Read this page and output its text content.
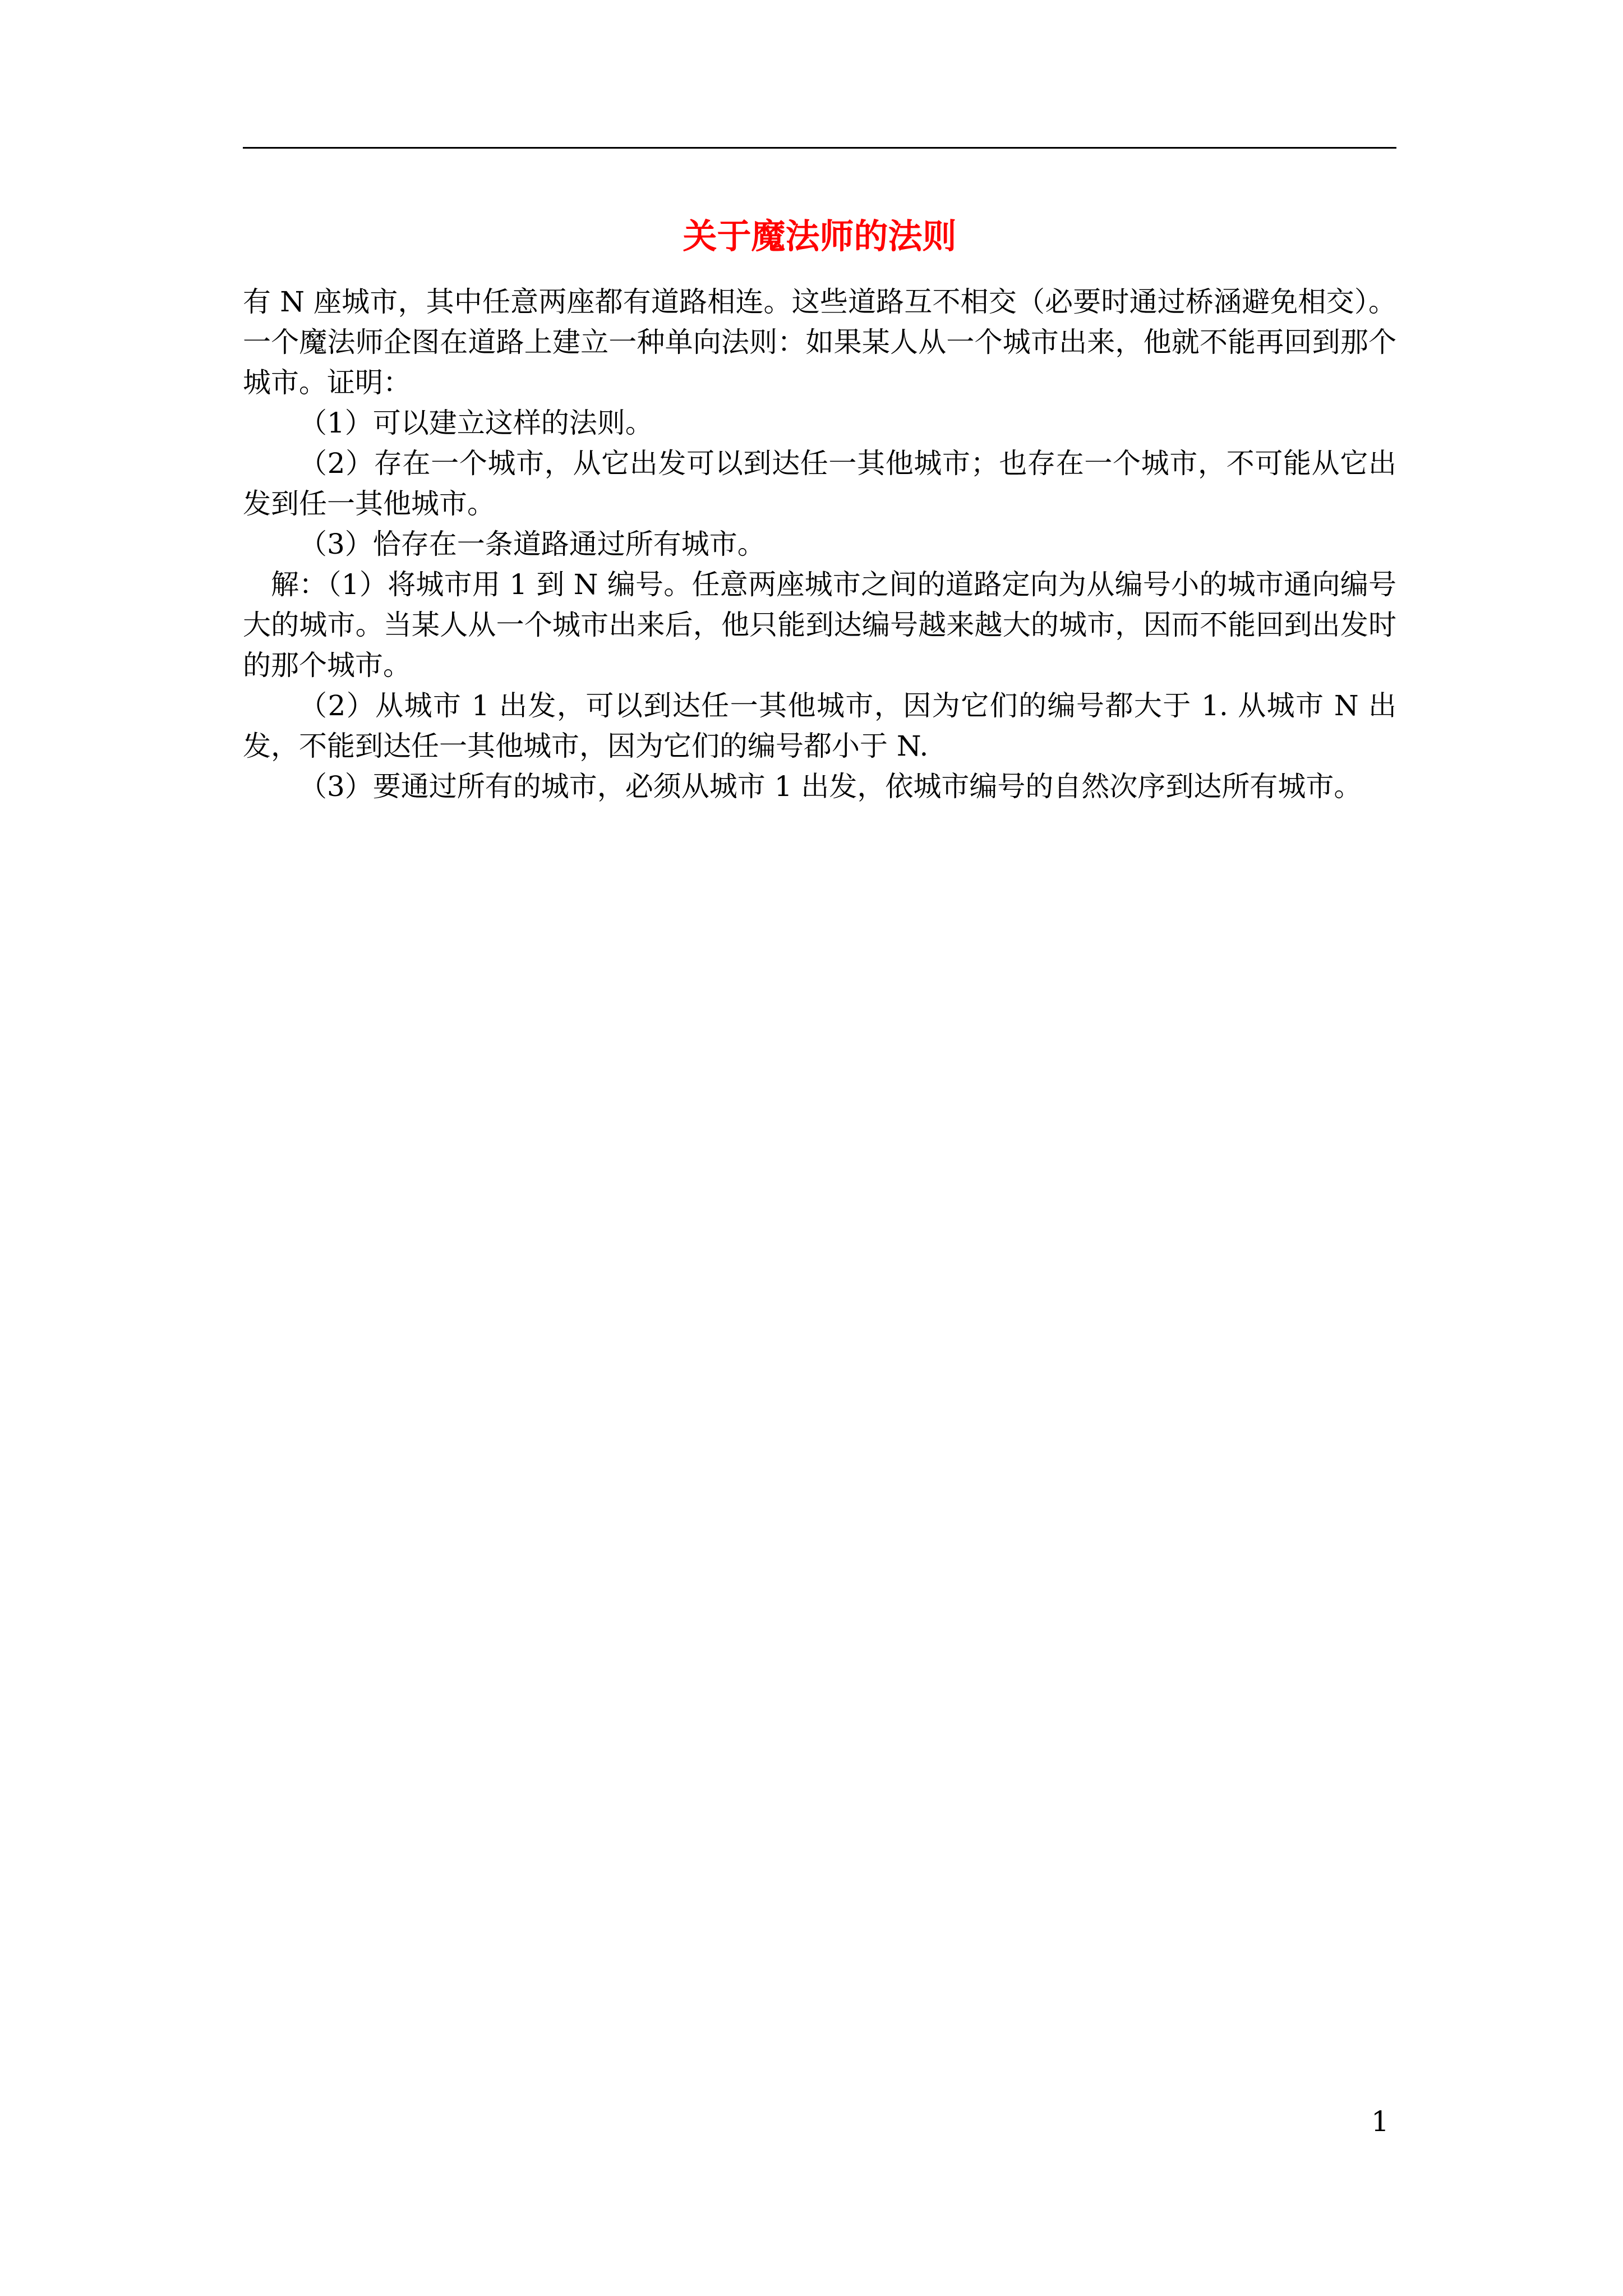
关于魔法师的法则

有 N 座城市，其中任意两座都有道路相连。这些道路互不相交（必要时通过桥涵避免相交）。一个魔法师企图在道路上建立一种单向法则：如果某人从一个城市出来，他就不能再回到那个城市。证明：

（1）可以建立这样的法则。

（2）存在一个城市，从它出发可以到达任一其他城市；也存在一个城市，不可能从它出发到任一其他城市。

（3）恰存在一条道路通过所有城市。

解：（1）将城市用 1 到 N 编号。任意两座城市之间的道路定向为从编号小的城市通向编号大的城市。当某人从一个城市出来后，他只能到达编号越来越大的城市，因而不能回到出发时的那个城市。

（2）从城市 1 出发，可以到达任一其他城市，因为它们的编号都大于 1. 从城市 N 出发，不能到达任一其他城市，因为它们的编号都小于 N.

（3）要通过所有的城市，必须从城市 1 出发，依城市编号的自然次序到达所有城市。

1
